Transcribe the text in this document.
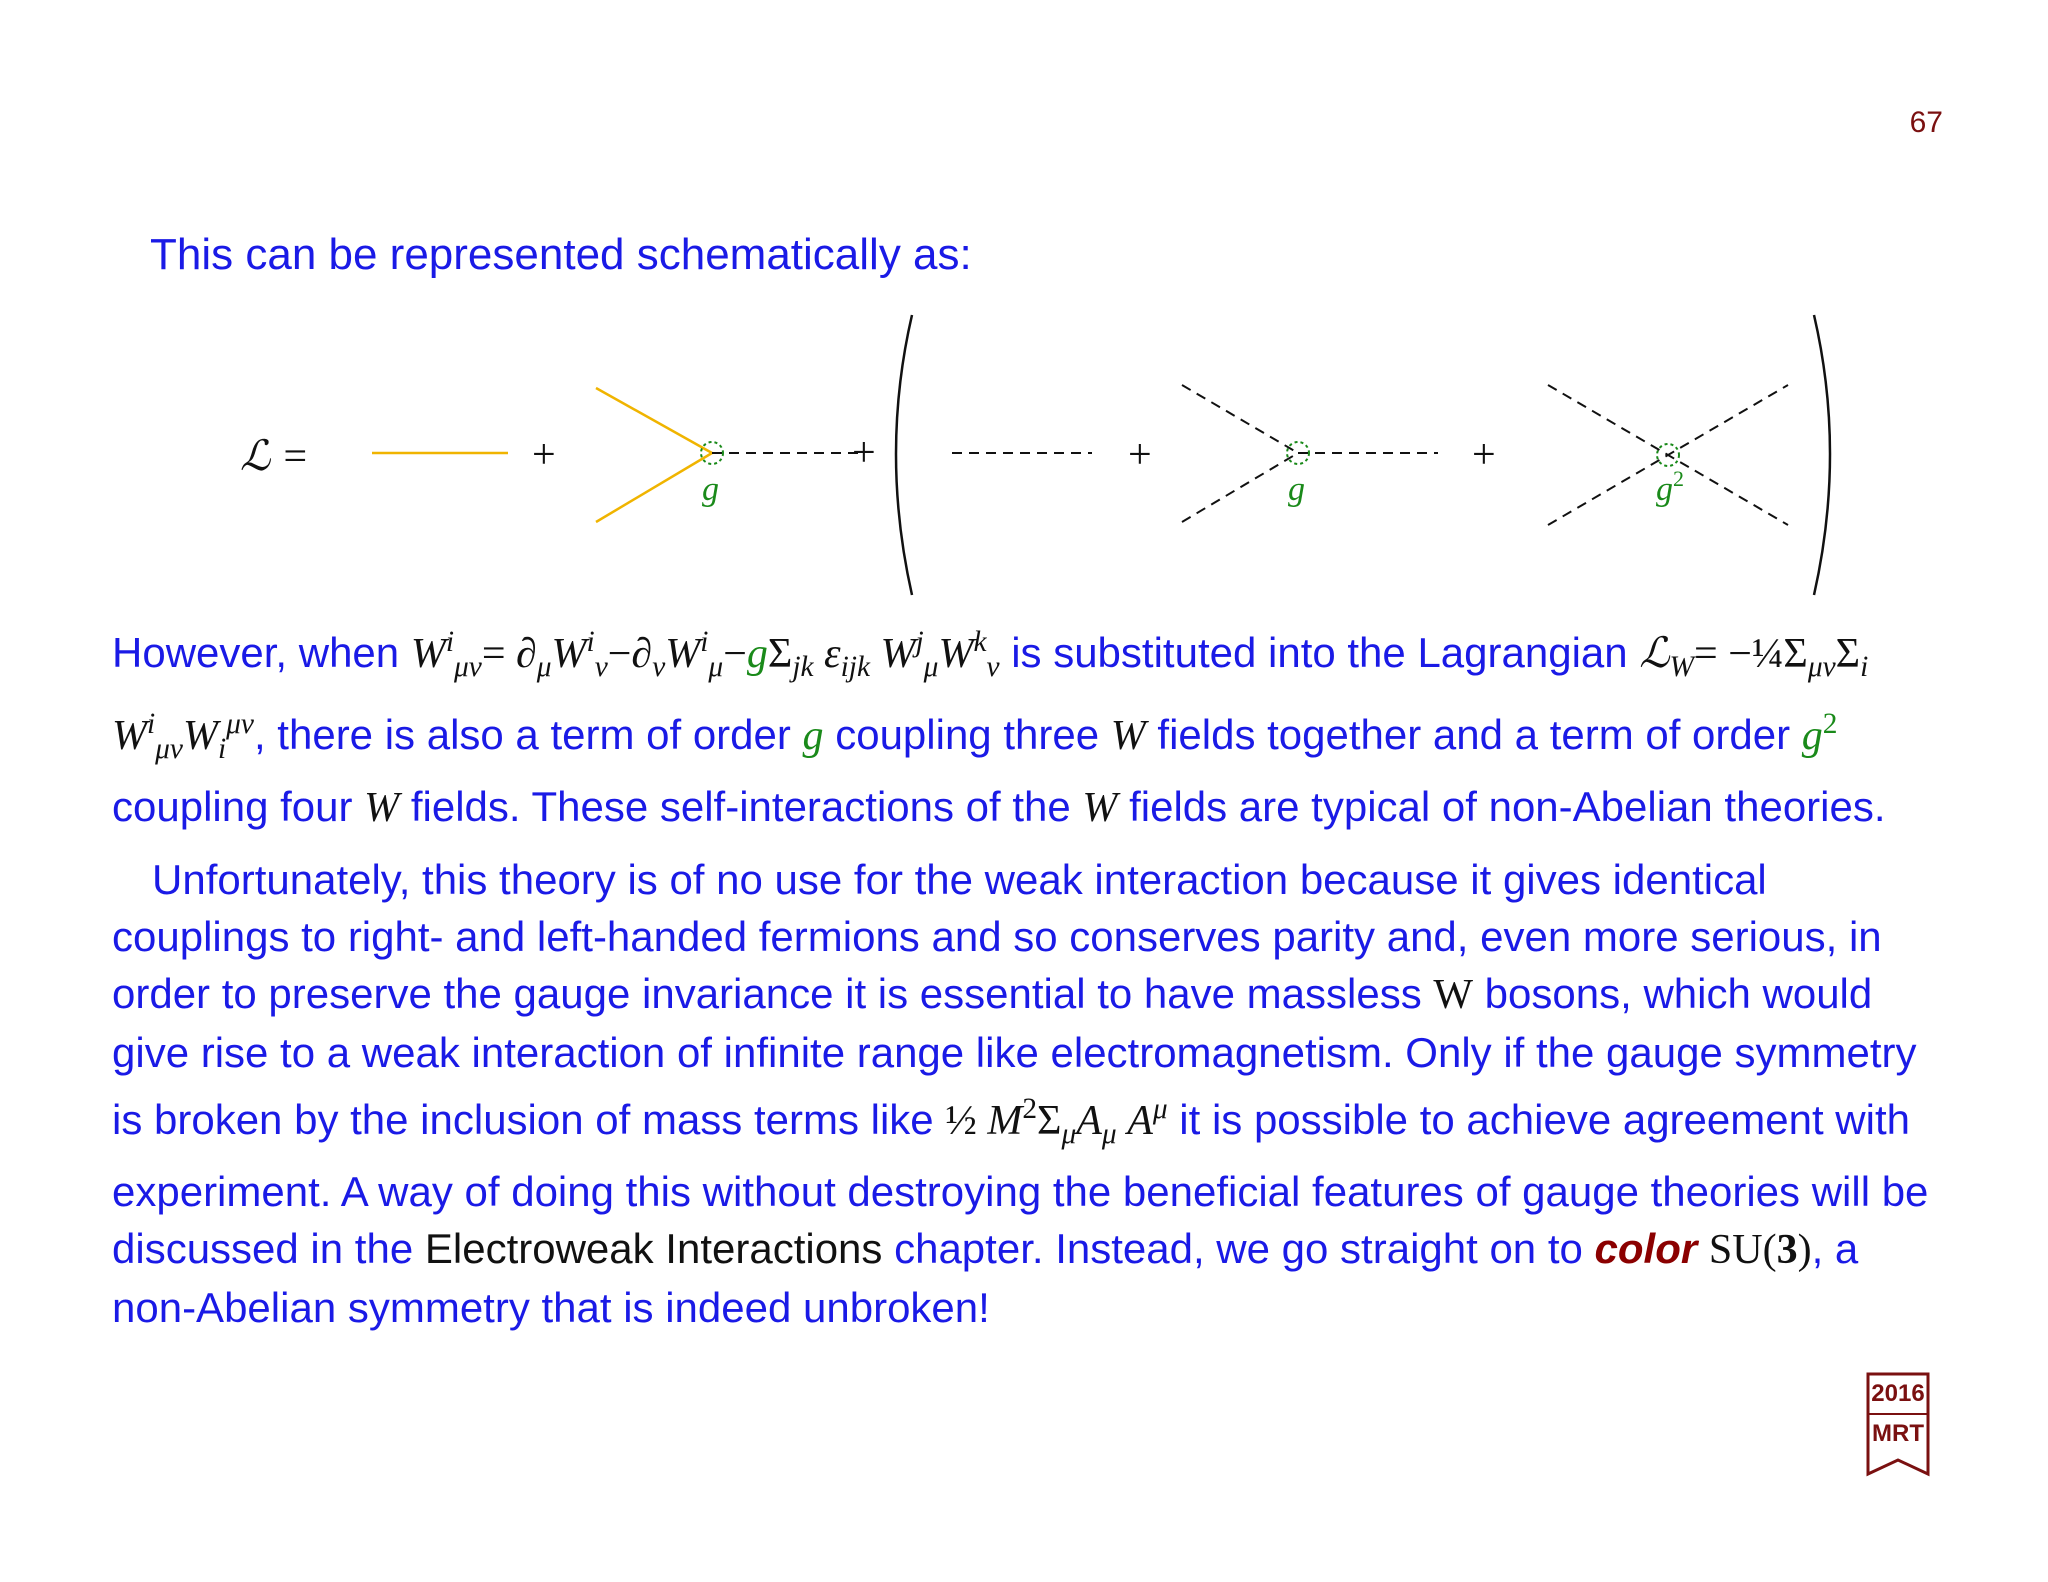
67
This can be represented schematically as:
ℒ =	+
g
+	+
g
+
$g^2$
However, when $W^i_{\mu\nu}= \partial_\mu W^i_\nu-\partial_\nu W^i_\mu-g\Sigma_{jk}$ $\varepsilon_{ijk}$ $W^j_\mu W^k_\nu$ is substituted into the Lagrangian ℒ$_W$= $-\frac{1}{4}\Sigma_{\mu\nu}\Sigma_i$ $W^i_{\mu\nu}W_i^{\mu\nu}$, there is also a term of order g coupling three W fields together and a term of order $g^2$ coupling four W fields. These self-interactions of the W fields are typical of non-Abelian theories.
Unfortunately, this theory is of no use for the weak interaction because it gives identical couplings to right- and left-handed fermions and so conserves parity and, even more serious, in order to preserve the gauge invariance it is essential to have massless W bosons, which would give rise to a weak interaction of infinite range like electromagnetism. Only if the gauge symmetry is broken by the inclusion of mass terms like ½ $M^2\Sigma_\mu A_\mu$ $A^\mu$ it is possible to achieve agreement with experiment. A way of doing this without destroying the beneficial features of gauge theories will be discussed in the Electroweak Interactions chapter. Instead, we go straight on to color SU(3), a non-Abelian symmetry that is indeed unbroken!
2016
MRT
